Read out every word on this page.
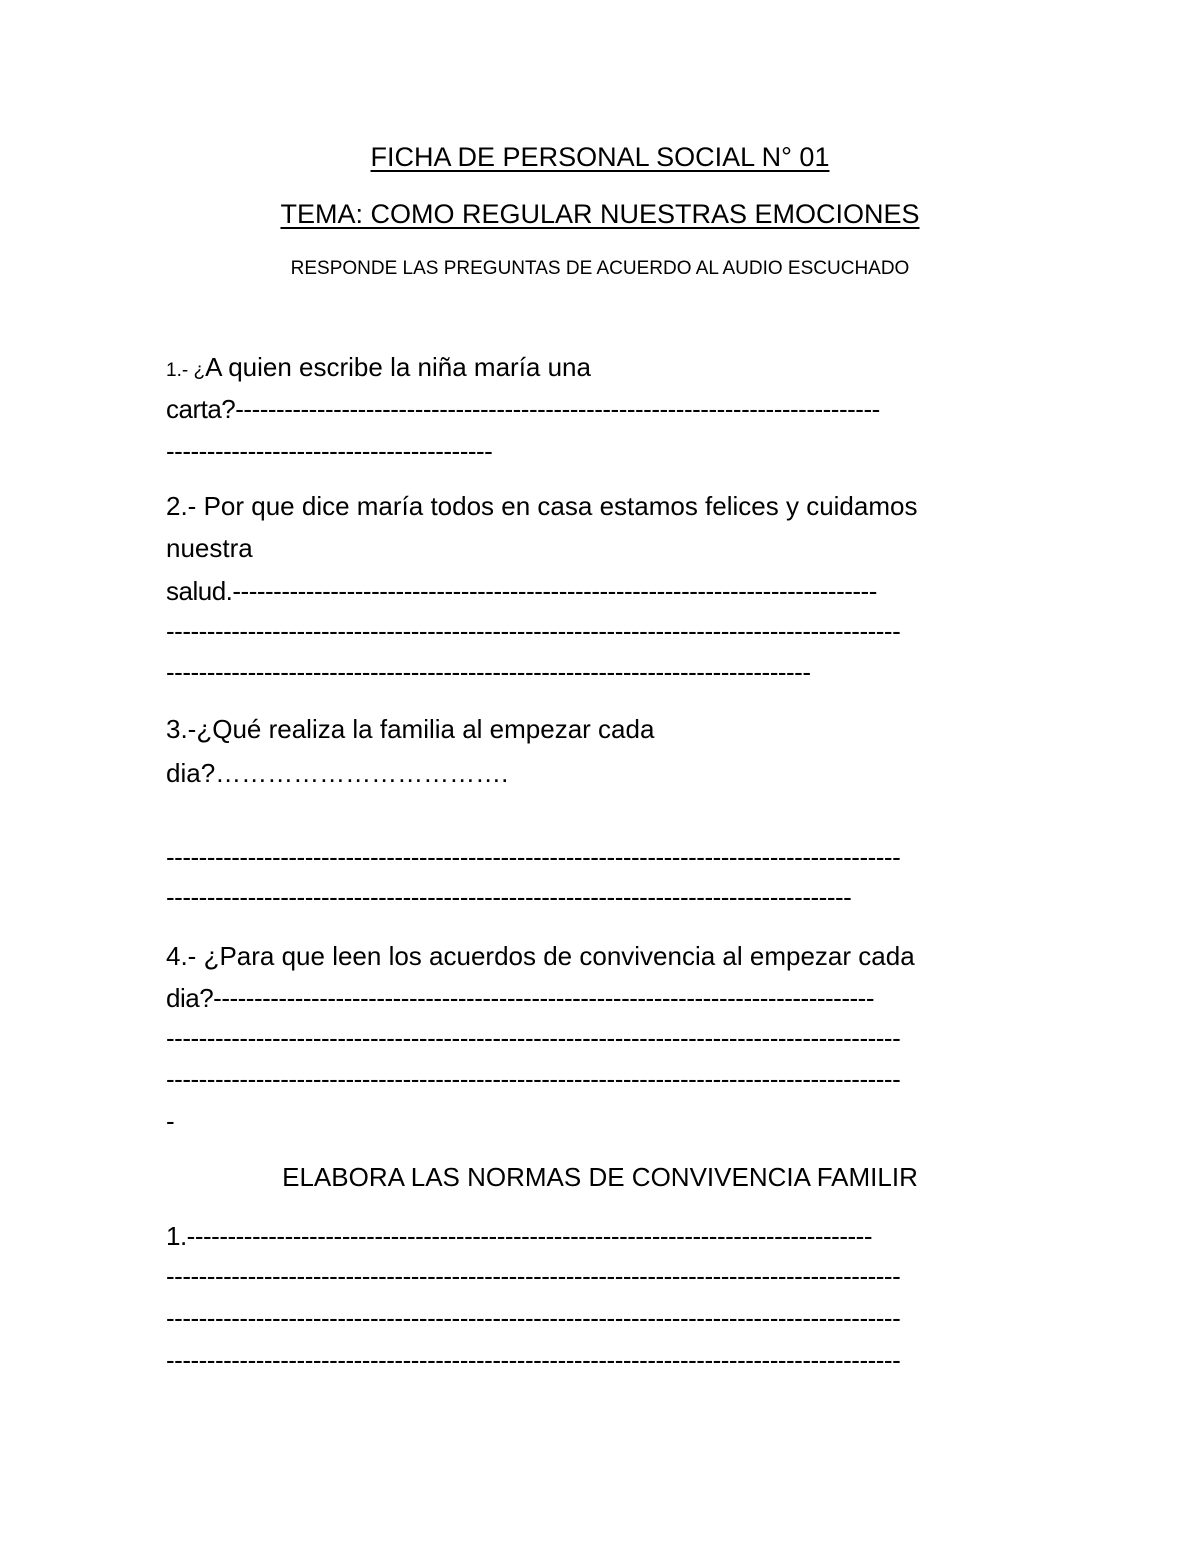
FICHA DE PERSONAL SOCIAL N° 01
TEMA: COMO REGULAR NUESTRAS EMOCIONES
RESPONDE LAS PREGUNTAS DE ACUERDO AL AUDIO ESCUCHADO
1.- ¿A quien escribe la niña maría una
carta?-------------------------------------------------------------------------------
----------------------------------------
2.- Por que dice maría todos en casa estamos felices y cuidamos
nuestra
salud.-------------------------------------------------------------------------------
------------------------------------------------------------------------------------------
-------------------------------------------------------------------------------
3.-¿Qué realiza la familia al empezar cada
dia?…………………………….
------------------------------------------------------------------------------------------
------------------------------------------------------------------------------------
4.- ¿Para que leen los acuerdos de convivencia al empezar cada
dia?---------------------------------------------------------------------------------
------------------------------------------------------------------------------------------
------------------------------------------------------------------------------------------
-
ELABORA LAS NORMAS DE CONVIVENCIA FAMILIR
1.------------------------------------------------------------------------------------
------------------------------------------------------------------------------------------
------------------------------------------------------------------------------------------
------------------------------------------------------------------------------------------
